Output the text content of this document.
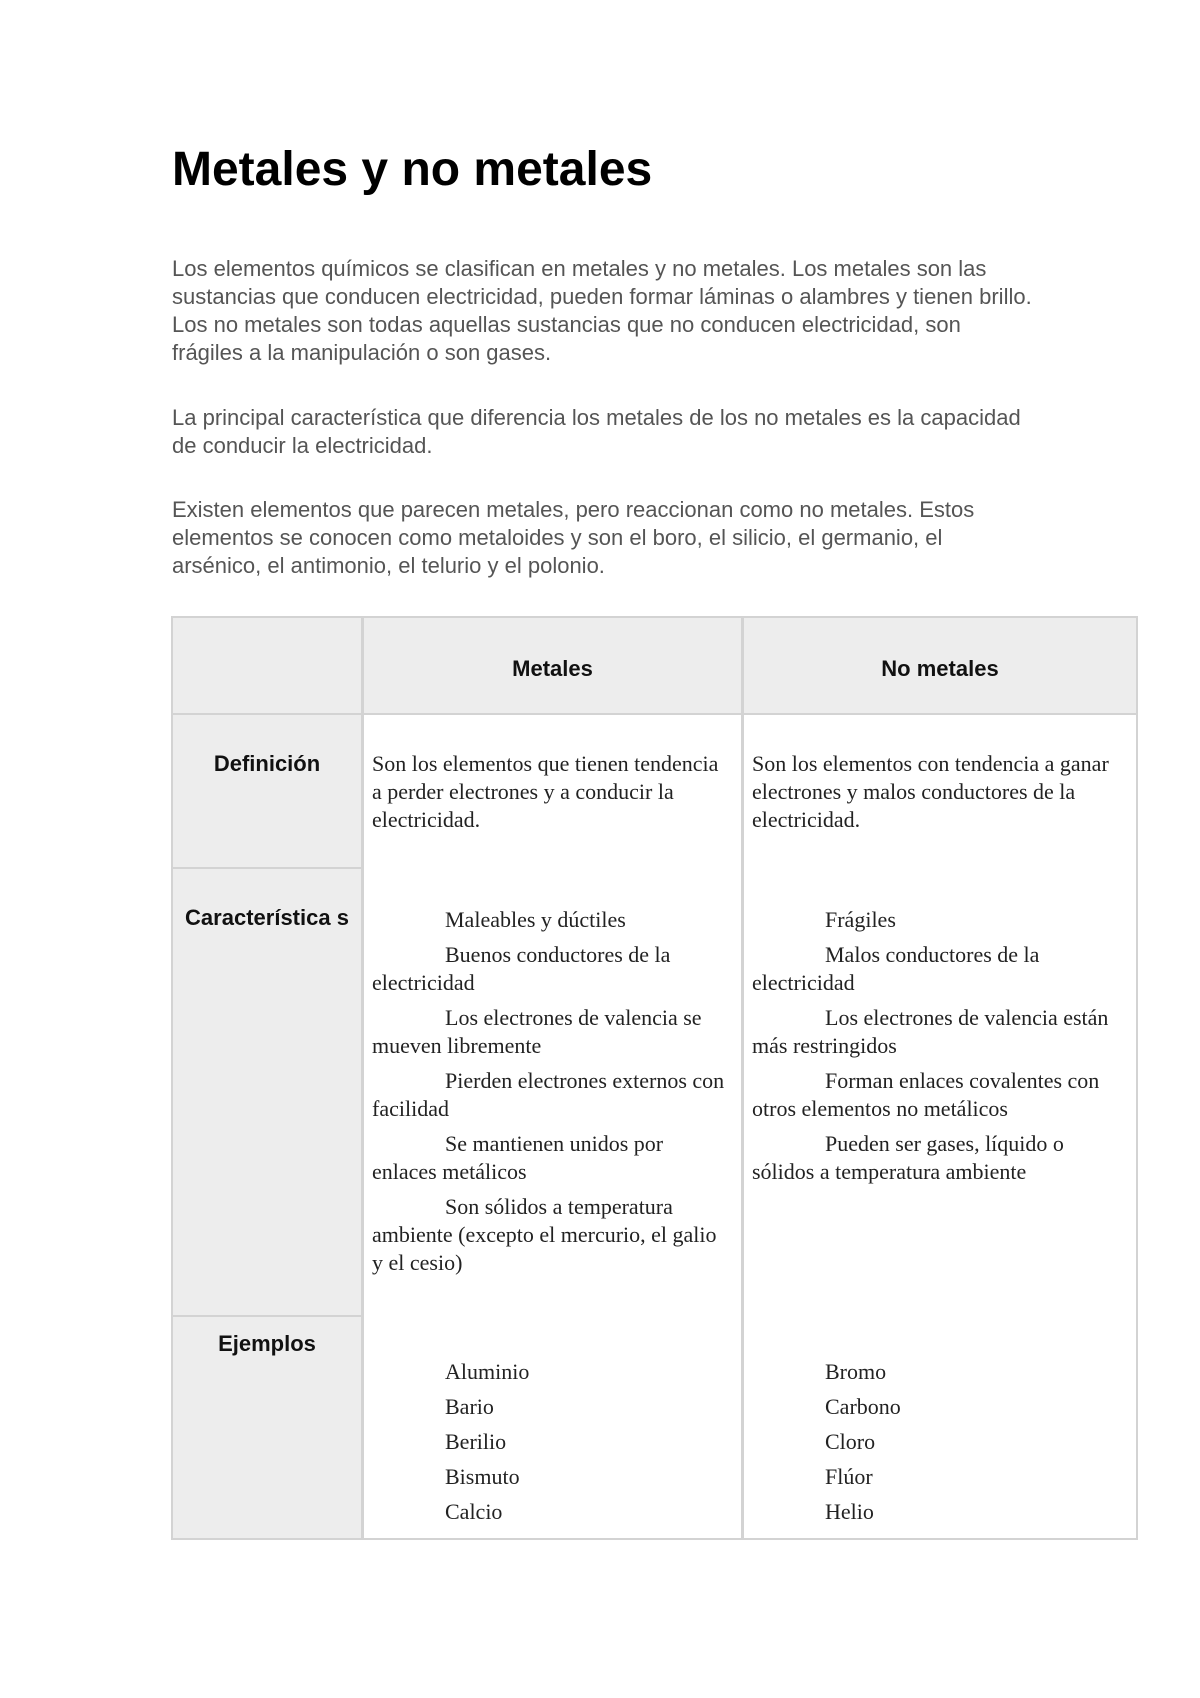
Metales y no metales

Los elementos químicos se clasifican en metales y no metales. Los metales son las sustancias que conducen electricidad, pueden formar láminas o alambres y tienen brillo. Los no metales son todas aquellas sustancias que no conducen electricidad, son frágiles a la manipulación o son gases.

La principal característica que diferencia los metales de los no metales es la capacidad de conducir la electricidad.

Existen elementos que parecen metales, pero reaccionan como no metales. Estos elementos se conocen como metaloides y son el boro, el silicio, el germanio, el arsénico, el antimonio, el telurio y el polonio.

Metales	No metales
Definición
Característica s
Ejemplos
Son los elementos que tienen tendencia a perder electrones y a conducir la electricidad.

Maleables y dúctiles

Buenos conductores de la electricidad

Los electrones de valencia se mueven libremente

Pierden electrones externos con facilidad

Se mantienen unidos por enlaces metálicos

Son sólidos a temperatura ambiente (excepto el mercurio, el galio y el cesio)

Aluminio
Bario
Berilio
Bismuto
Calcio
Son los elementos con tendencia a ganar electrones y malos conductores de la electricidad.

Frágiles

Malos conductores de la electricidad

Los electrones de valencia están más restringidos

Forman enlaces covalentes con otros elementos no metálicos

Pueden ser gases, líquido o sólidos a temperatura ambiente

Bromo
Carbono
Cloro
Flúor
Helio
